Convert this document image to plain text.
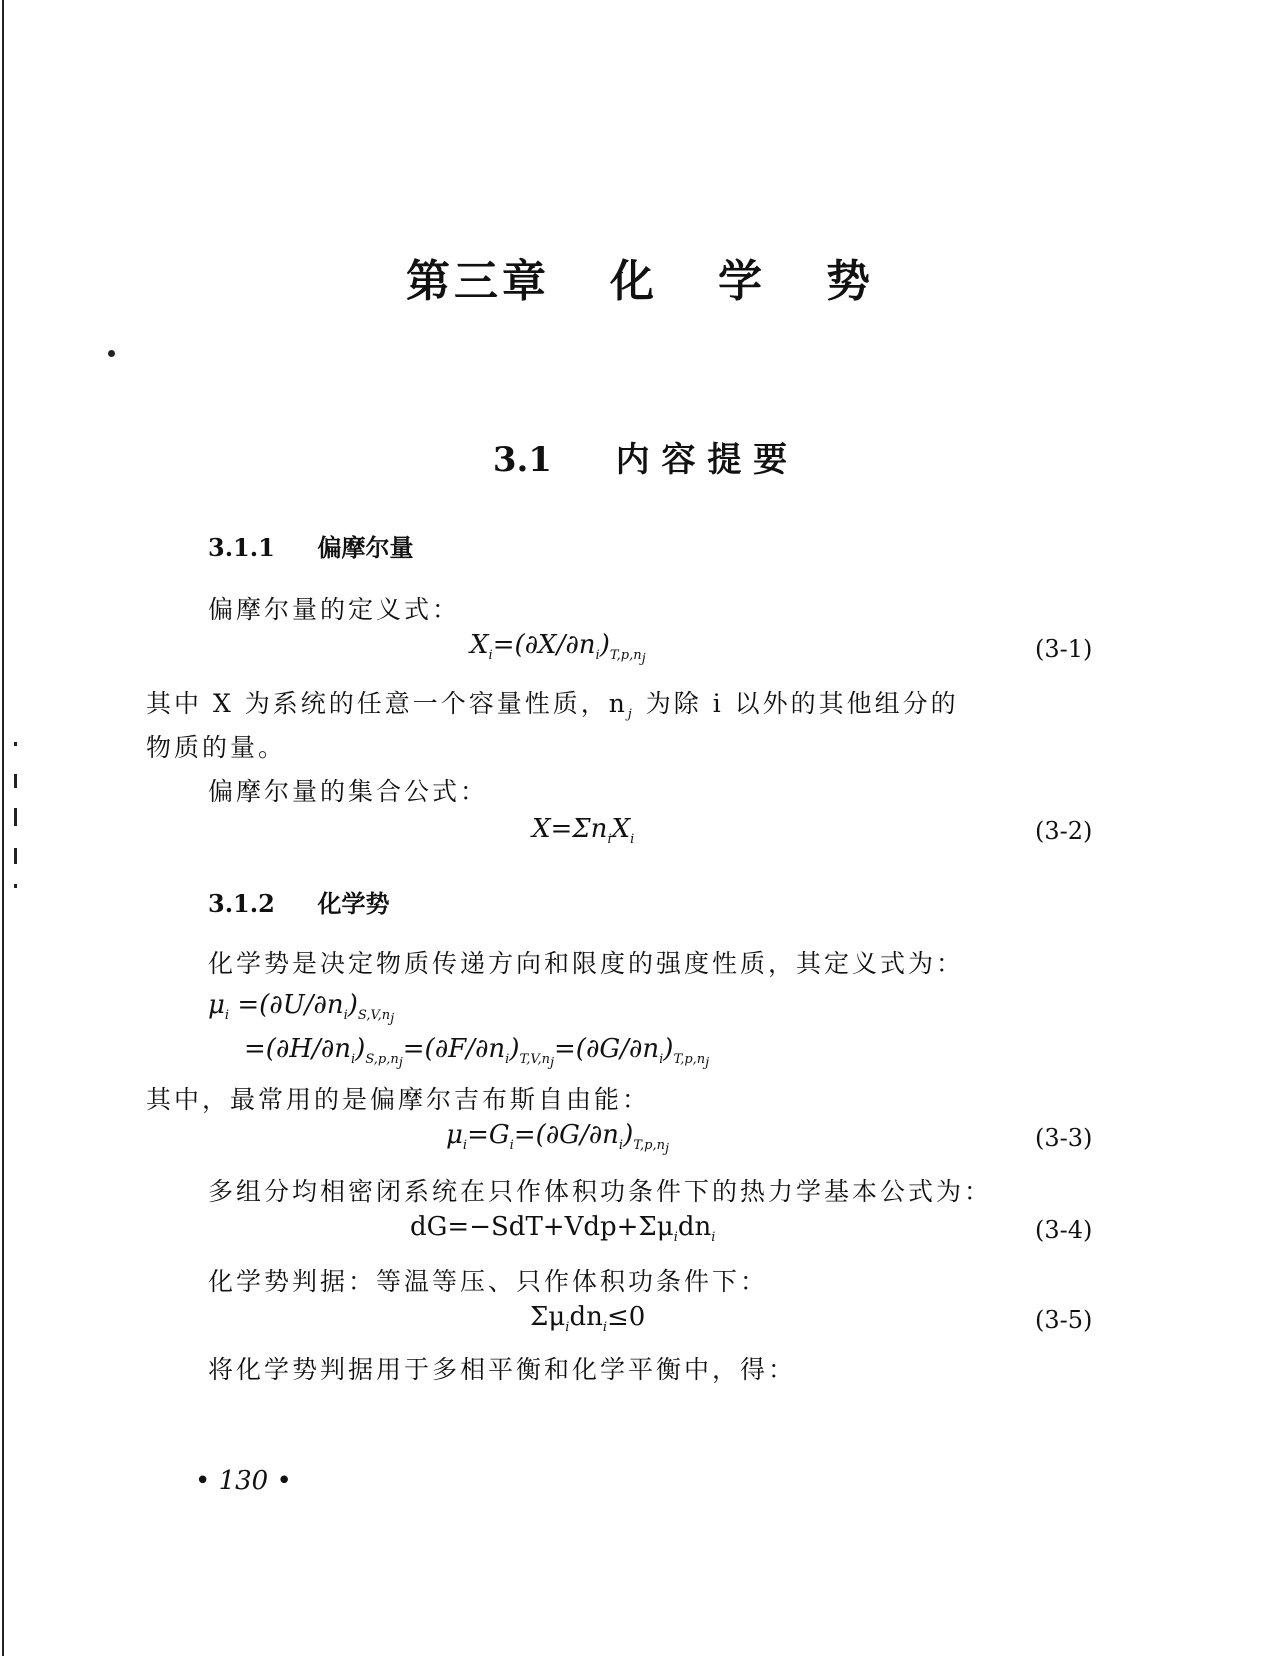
第三章 化 学 势
3.1 内 容 提 要
3.1.1 偏摩尔量
偏摩尔量的定义式：
$X_i=(\partial X/\partial n_i)_{T,p,n_j}$	(3-1)
其中 X 为系统的任意一个容量性质，$n_j$ 为除 i 以外的其他组分的
物质的量。
偏摩尔量的集合公式：
$X=\Sigma n_iX_i$	(3-2)
3.1.2 化学势
化学势是决定物质传递方向和限度的强度性质，其定义式为：
$\mu_i =(\partial U/\partial n_i)_{S,V,n_j}$
$=(\partial H/\partial n_i)_{S,p,n_j}=(\partial F/\partial n_i)_{T,V,n_j}=(\partial G/\partial n_i)_{T,p,n_j}$
其中，最常用的是偏摩尔吉布斯自由能：
$\mu_i=G_i=(\partial G/\partial n_i)_{T,p,n_j}$	(3-3)
多组分均相密闭系统在只作体积功条件下的热力学基本公式为：
$dG=-SdT+Vdp+\Sigma\mu_idn_i$	(3-4)
化学势判据：等温等压、只作体积功条件下：
$\Sigma\mu_idn_i\le 0$	(3-5)
将化学势判据用于多相平衡和化学平衡中，得：
• 130 •
